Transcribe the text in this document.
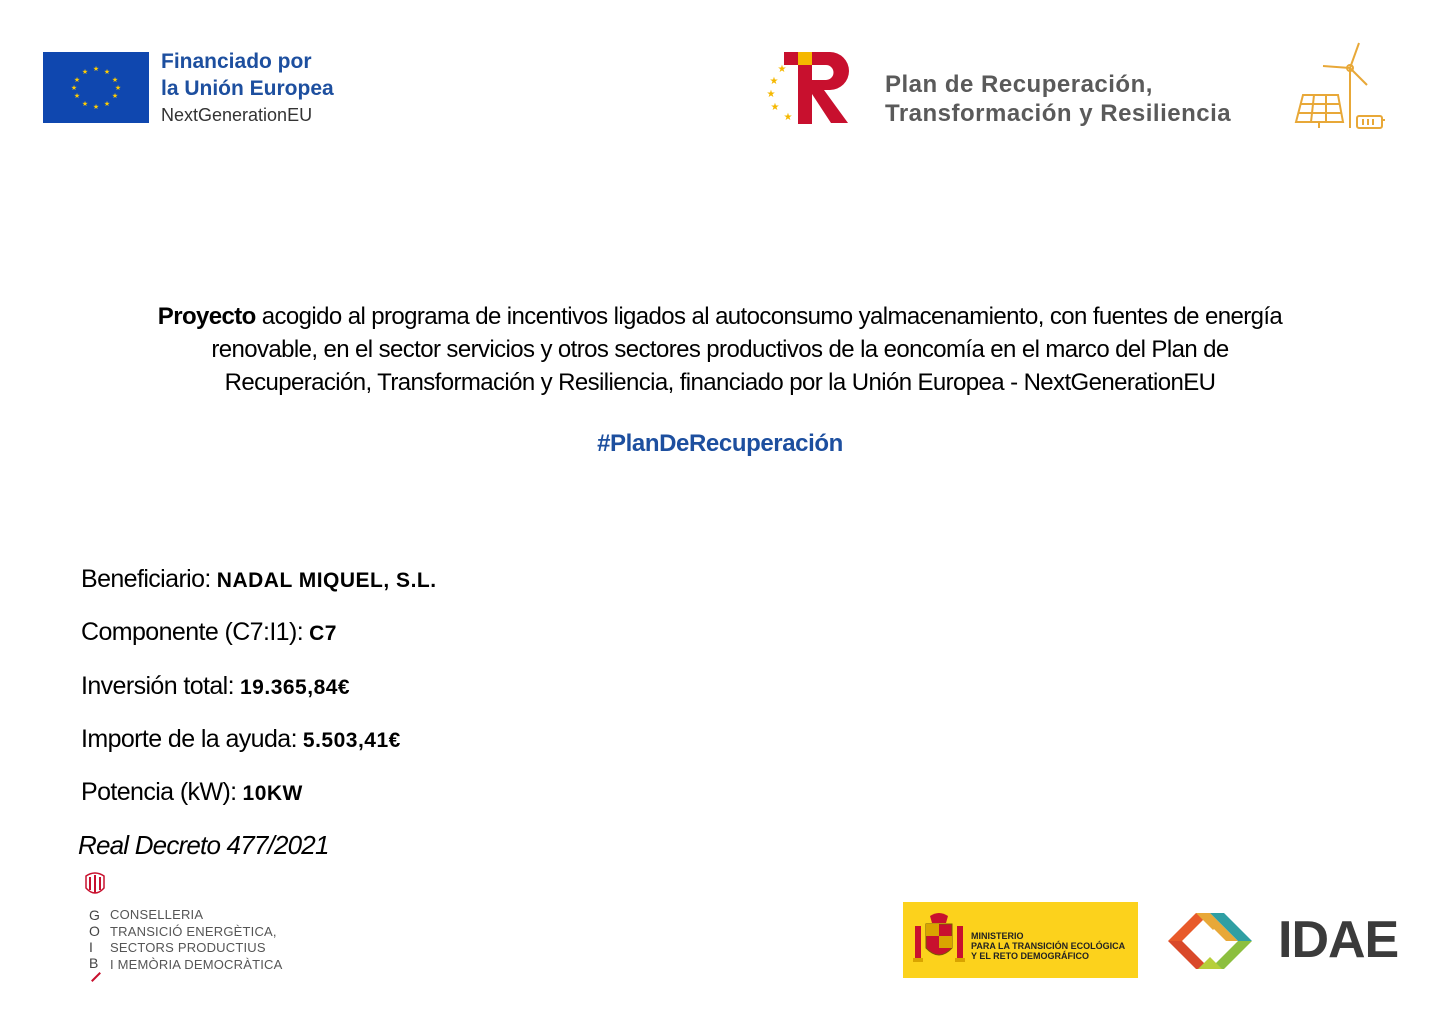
★ ★
★
★
★
★
★
★
★
★
★
★	Financiado por
la Unión Europea
NextGenerationEU
★
★
★
★
★
Plan de Recuperación,
Transformación y Resiliencia
Proyecto acogido al programa de incentivos ligados al autoconsumo yalmacenamiento, con fuentes de energía
renovable, en el sector servicios y otros sectores productivos de la eoncomía en el marco del Plan de
Recuperación, Transformación y Resiliencia, financiado por la Unión Europea - NextGenerationEU
#PlanDeRecuperación
Beneficiario: NADAL MIQUEL, S.L.
Componente (C7:I1): C7
Inversión total: 19.365,84€
Importe de la ayuda: 5.503,41€
Potencia (kW): 10KW
Real Decreto 477/2021
G
O
I
B
CONSELLERIA
TRANSICIÓ ENERGÈTICA,
SECTORS PRODUCTIUS
I MEMÒRIA DEMOCRÀTICA
MINISTERIO
PARA LA TRANSICIÓN ECOLÓGICA
Y EL RETO DEMOGRÁFICO	IDAE
